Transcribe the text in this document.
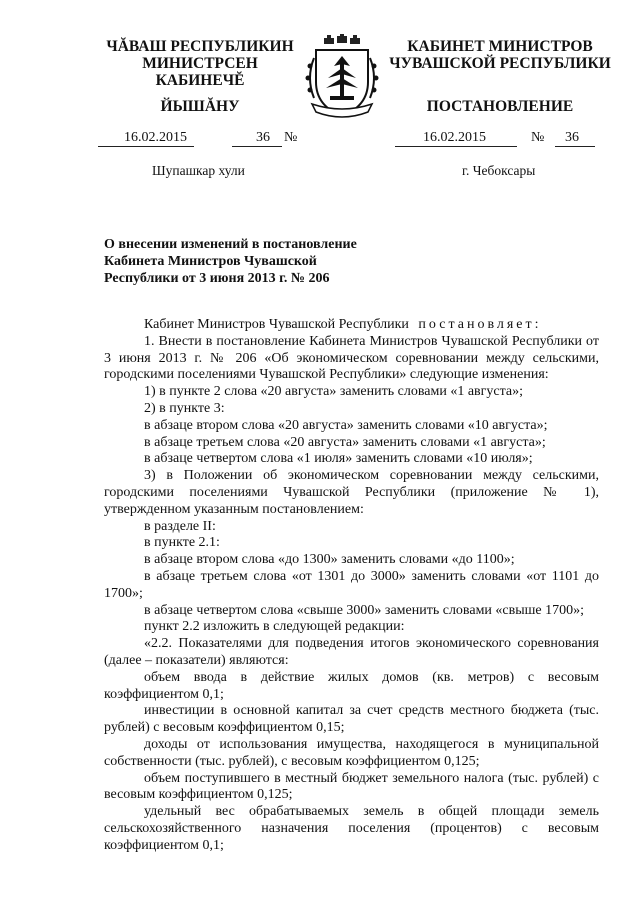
ЧĂВАШ РЕСПУБЛИКИН
МИНИСТРСЕН КАБИНЕЧĔ
ЙЫШĂНУ
КАБИНЕТ МИНИСТРОВ
ЧУВАШСКОЙ РЕСПУБЛИКИ
ПОСТАНОВЛЕНИЕ
16.02.2015	36 №	16.02.2015	№ 36
Шупашкар хули	г. Чебоксары
О внесении изменений в постановление Кабинета Министров Чувашской Республики от 3 июня 2013 г. № 206

Кабинет Министров Чувашской Республики постановляет:

1. Внести в постановление Кабинета Министров Чувашской Республики от 3 июня 2013 г. № 206 «Об экономическом соревновании между сельскими, городскими поселениями Чувашской Республики» следующие изменения:

1) в пункте 2 слова «20 августа» заменить словами «1 августа»;

2) в пункте 3:

в абзаце втором слова «20 августа» заменить словами «10 августа»;

в абзаце третьем слова «20 августа» заменить словами «1 августа»;

в абзаце четвертом слова «1 июля» заменить словами «10 июля»;

3) в Положении об экономическом соревновании между сельскими, городскими поселениями Чувашской Республики (приложение № 1), утвержденном указанным постановлением:

в разделе II:

в пункте 2.1:

в абзаце втором слова «до 1300» заменить словами «до 1100»;

в абзаце третьем слова «от 1301 до 3000» заменить словами «от 1101 до 1700»;

в абзаце четвертом слова «свыше 3000» заменить словами «свыше 1700»;

пункт 2.2 изложить в следующей редакции:

«2.2. Показателями для подведения итогов экономического соревнования (далее – показатели) являются:

объем ввода в действие жилых домов (кв. метров) с весовым коэффициентом 0,1;

инвестиции в основной капитал за счет средств местного бюджета (тыс. рублей) с весовым коэффициентом 0,15;

доходы от использования имущества, находящегося в муниципальной собственности (тыс. рублей), с весовым коэффициентом 0,125;

объем поступившего в местный бюджет земельного налога (тыс. рублей) с весовым коэффициентом 0,125;

удельный вес обрабатываемых земель в общей площади земель сельскохозяйственного назначения поселения (процентов) с весовым коэффициентом 0,1;
